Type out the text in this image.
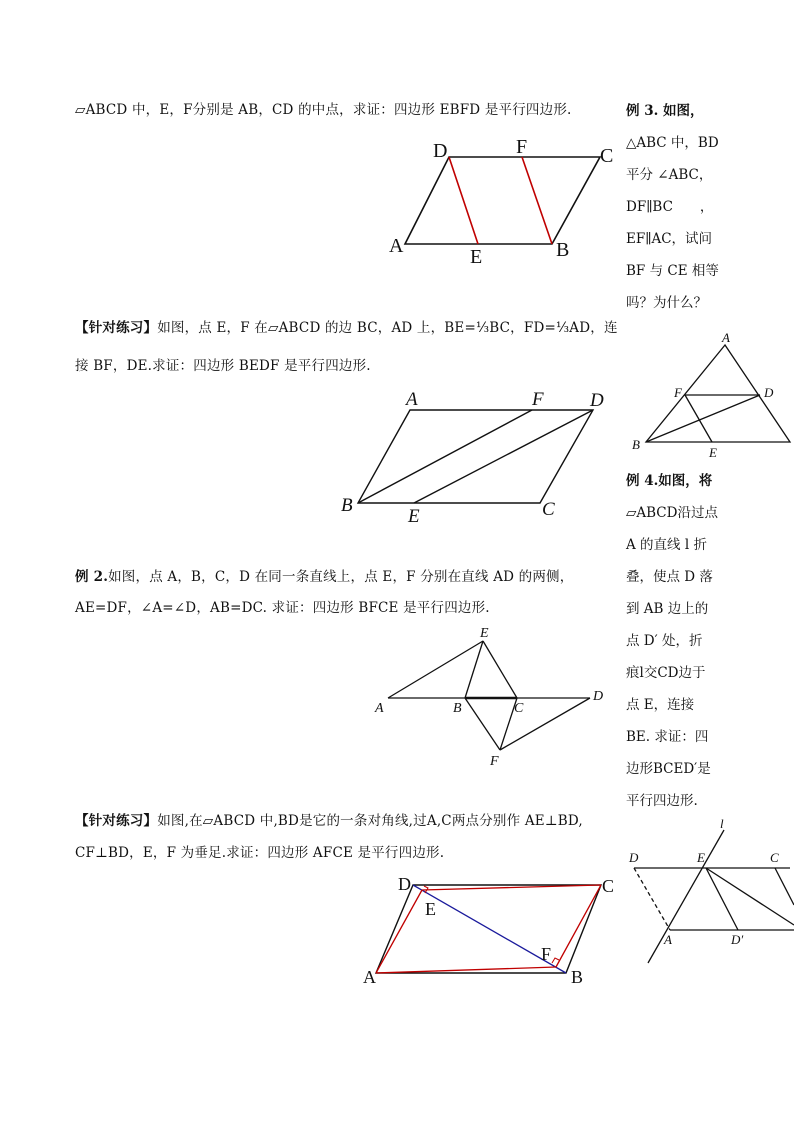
▱ABCD 中，E，F分别是 AB，CD 的中点，求证：四边形 EBFD 是平行四边形.
D	F	C
A	E	B
【针对练习】如图，点 E，F 在▱ABCD 的边 BC，AD 上，BE=⅓BC，FD=⅓AD，连
接 BF，DE.求证：四边形 BEDF 是平行四边形.
A	F D
B
E	C
例 2.如图，点 A，B，C，D 在同一条直线上，点 E，F 分别在直线 AD 的两侧，
AE=DF，∠A=∠D，AB=DC. 求证：四边形 BFCE 是平行四边形.
E
A	B	C
D
F
【针对练习】如图,在▱ABCD 中,BD是它的一条对角线,过A,C两点分别作 AE⊥BD,
CF⊥BD，E，F 为垂足.求证：四边形 AFCE 是平行四边形.
D
E
C
F
A	B
例 3. 如图，
△ABC 中，BD
平分 ∠ABC，
DF∥BC　　，
EF∥AC，试问
BF 与 CE 相等
吗？为什么？
A
F	D
B
E
例 4.如图，将
▱ABCD沿过点
A 的直线 l 折
叠，使点 D 落
到 AB 边上的
点 D′ 处，折
痕l交CD边于
点 E，连接
BE. 求证：四
边形BCED′是
平行四边形.
l
D	E	C
A	D′
